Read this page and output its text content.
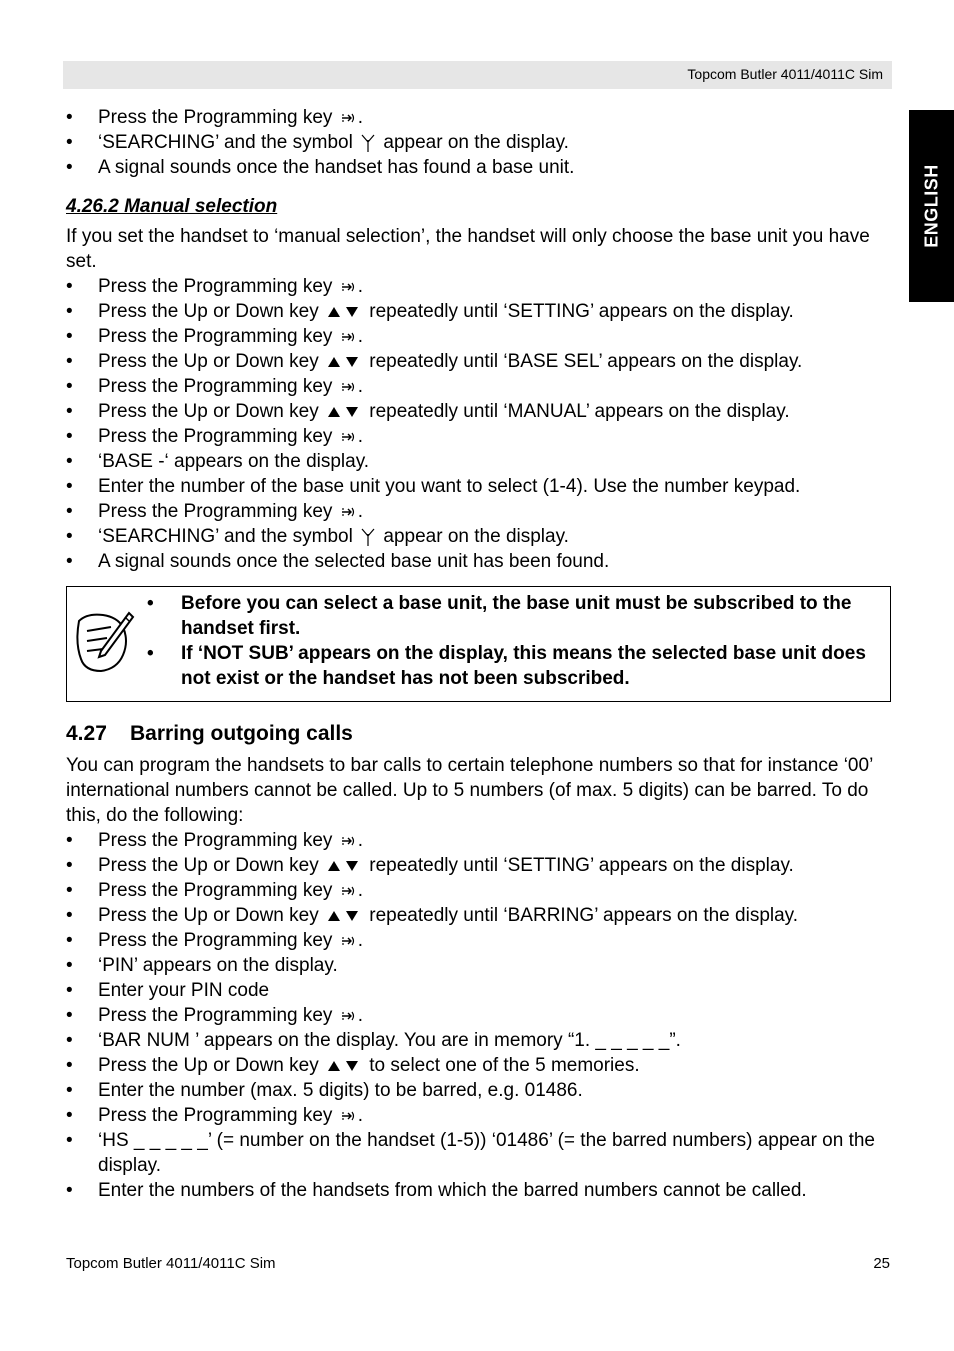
Topcom Butler 4011/4011C Sim
ENGLISH
• Press the Programming key .
• ‘SEARCHING’ and the symbol  appear on the display.
• A signal sounds once the handset has found a base unit.
4.26.2 Manual selection

If you set the handset to ‘manual selection’, the handset will only choose the base unit you have set.

• Press the Programming key .
• Press the Up or Down key  repeatedly until ‘SETTING’ appears on the display.
• Press the Programming key .
• Press the Up or Down key  repeatedly until ‘BASE SEL’ appears on the display.
• Press the Programming key .
• Press the Up or Down key  repeatedly until ‘MANUAL’ appears on the display.
• Press the Programming key .
• ‘BASE -‘ appears on the display.
• Enter the number of the base unit you want to select (1-4). Use the number keypad.
• Press the Programming key .
• ‘SEARCHING’ and the symbol  appear on the display.
• A signal sounds once the selected base unit has been found.
• Before you can select a base unit, the base unit must be subscribed to the handset first.
• If ‘NOT SUB’ appears on the display, this means the selected base unit does not exist or the handset has not been subscribed.
4.27 Barring outgoing calls

You can program the handsets to bar calls to certain telephone numbers so that for instance ‘00’ international numbers cannot be called. Up to 5 numbers (of max. 5 digits) can be barred. To do this, do the following:

• Press the Programming key .
• Press the Up or Down key  repeatedly until ‘SETTING’ appears on the display.
• Press the Programming key .
• Press the Up or Down key  repeatedly until ‘BARRING’ appears on the display.
• Press the Programming key .
• ‘PIN’ appears on the display.
• Enter your PIN code
• Press the Programming key .
• ‘BAR NUM ’ appears on the display. You are in memory “1. _ _ _ _ _”.
• Press the Up or Down key  to select one of the 5 memories.
• Enter the number (max. 5 digits) to be barred, e.g. 01486.
• Press the Programming key .
• ‘HS _ _ _ _ _’ (= number on the handset (1-5)) ‘01486’ (= the barred numbers) appear on the display.
• Enter the numbers of the handsets from which the barred numbers cannot be called.
Topcom Butler 4011/4011C Sim	25
